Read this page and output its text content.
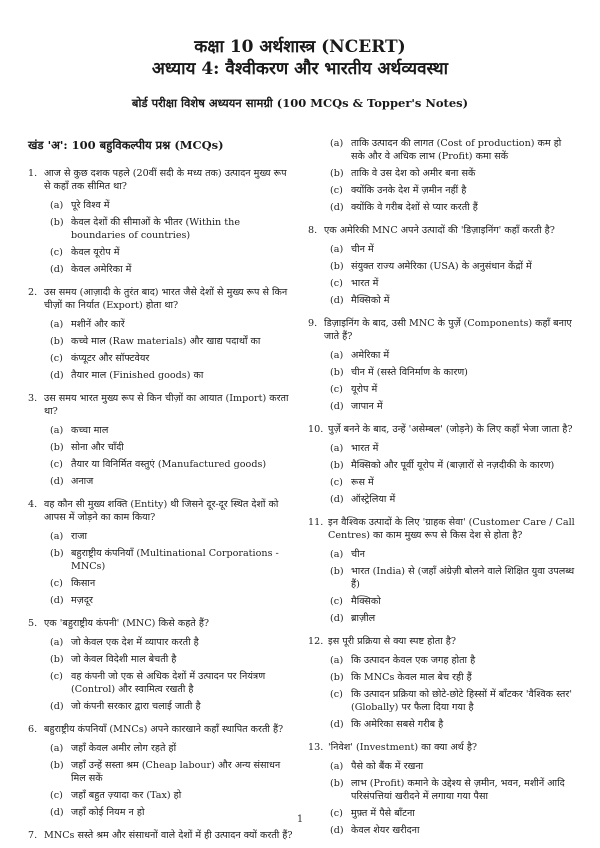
कक्षा 10 अर्थशास्त्र (NCERT)
अध्याय 4: वैश्वीकरण और भारतीय अर्थव्यवस्था
बोर्ड परीक्षा विशेष अध्ययन सामग्री (100 MCQs & Topper's Notes)
खंड 'अ': 100 बहुविकल्पीय प्रश्न (MCQs)
1. आज से कुछ दशक पहले (20वीं सदी के मध्य तक) उत्पादन मुख्य रूप से कहाँ तक सीमित था?
(a) पूरे विश्व में
(b) केवल देशों की सीमाओं के भीतर (Within the boundaries of countries)
(c) केवल यूरोप में
(d) केवल अमेरिका में
2. उस समय (आज़ादी के तुरंत बाद) भारत जैसे देशों से मुख्य रूप से किन चीज़ों का निर्यात (Export) होता था?
(a) मशीनें और कारें
(b) कच्चे माल (Raw materials) और खाद्य पदार्थों का
(c) कंप्यूटर और सॉफ्टवेयर
(d) तैयार माल (Finished goods) का
3. उस समय भारत मुख्य रूप से किन चीज़ों का आयात (Import) करता था?
(a) कच्चा माल
(b) सोना और चाँदी
(c) तैयार या विनिर्मित वस्तुएं (Manufactured goods)
(d) अनाज
4. वह कौन सी मुख्य शक्ति (Entity) थी जिसने दूर-दूर स्थित देशों को आपस में जोड़ने का काम किया?
(a) राजा
(b) बहुराष्ट्रीय कंपनियाँ (Multinational Corporations - MNCs)
(c) किसान
(d) मज़दूर
5. एक 'बहुराष्ट्रीय कंपनी' (MNC) किसे कहते हैं?
(a) जो केवल एक देश में व्यापार करती है
(b) जो केवल विदेशी माल बेचती है
(c) वह कंपनी जो एक से अधिक देशों में उत्पादन पर नियंत्रण (Control) और स्वामित्व रखती है
(d) जो कंपनी सरकार द्वारा चलाई जाती है
6. बहुराष्ट्रीय कंपनियाँ (MNCs) अपने कारखाने कहाँ स्थापित करती हैं?
(a) जहाँ केवल अमीर लोग रहते हों
(b) जहाँ उन्हें सस्ता श्रम (Cheap labour) और अन्य संसाधन मिल सकें
(c) जहाँ बहुत ज़्यादा कर (Tax) हो
(d) जहाँ कोई नियम न हो
7. MNCs सस्ते श्रम और संसाधनों वाले देशों में ही उत्पादन क्यों करती हैं?
(a) ताकि उत्पादन की लागत (Cost of production) कम हो सके और वे अधिक लाभ (Profit) कमा सकें
(b) ताकि वे उस देश को अमीर बना सकें
(c) क्योंकि उनके देश में ज़मीन नहीं है
(d) क्योंकि वे गरीब देशों से प्यार करती हैं
8. एक अमेरिकी MNC अपने उत्पादों की 'डिज़ाइनिंग' कहाँ करती है?
(a) चीन में
(b) संयुक्त राज्य अमेरिका (USA) के अनुसंधान केंद्रों में
(c) भारत में
(d) मैक्सिको में
9. डिज़ाइनिंग के बाद, उसी MNC के पुर्ज़े (Components) कहाँ बनाए जाते हैं?
(a) अमेरिका में
(b) चीन में (सस्ते विनिर्माण के कारण)
(c) यूरोप में
(d) जापान में
10. पुर्ज़े बनने के बाद, उन्हें 'असेम्बल' (जोड़ने) के लिए कहाँ भेजा जाता है?
(a) भारत में
(b) मैक्सिको और पूर्वी यूरोप में (बाज़ारों से नज़दीकी के कारण)
(c) रूस में
(d) ऑस्ट्रेलिया में
11. इन वैश्विक उत्पादों के लिए 'ग्राहक सेवा' (Customer Care / Call Centres) का काम मुख्य रूप से किस देश से होता है?
(a) चीन
(b) भारत (India) से (जहाँ अंग्रेज़ी बोलने वाले शिक्षित युवा उपलब्ध हैं)
(c) मैक्सिको
(d) ब्राज़ील
12. इस पूरी प्रक्रिया से क्या स्पष्ट होता है?
(a) कि उत्पादन केवल एक जगह होता है
(b) कि MNCs केवल माल बेच रही हैं
(c) कि उत्पादन प्रक्रिया को छोटे-छोटे हिस्सों में बाँटकर 'वैश्विक स्तर' (Globally) पर फैला दिया गया है
(d) कि अमेरिका सबसे गरीब है
13. 'निवेश' (Investment) का क्या अर्थ है?
(a) पैसे को बैंक में रखना
(b) लाभ (Profit) कमाने के उद्देश्य से ज़मीन, भवन, मशीनें आदि परिसंपत्तियां खरीदने में लगाया गया पैसा
(c) मुफ़्त में पैसे बाँटना
(d) केवल शेयर खरीदना
1
